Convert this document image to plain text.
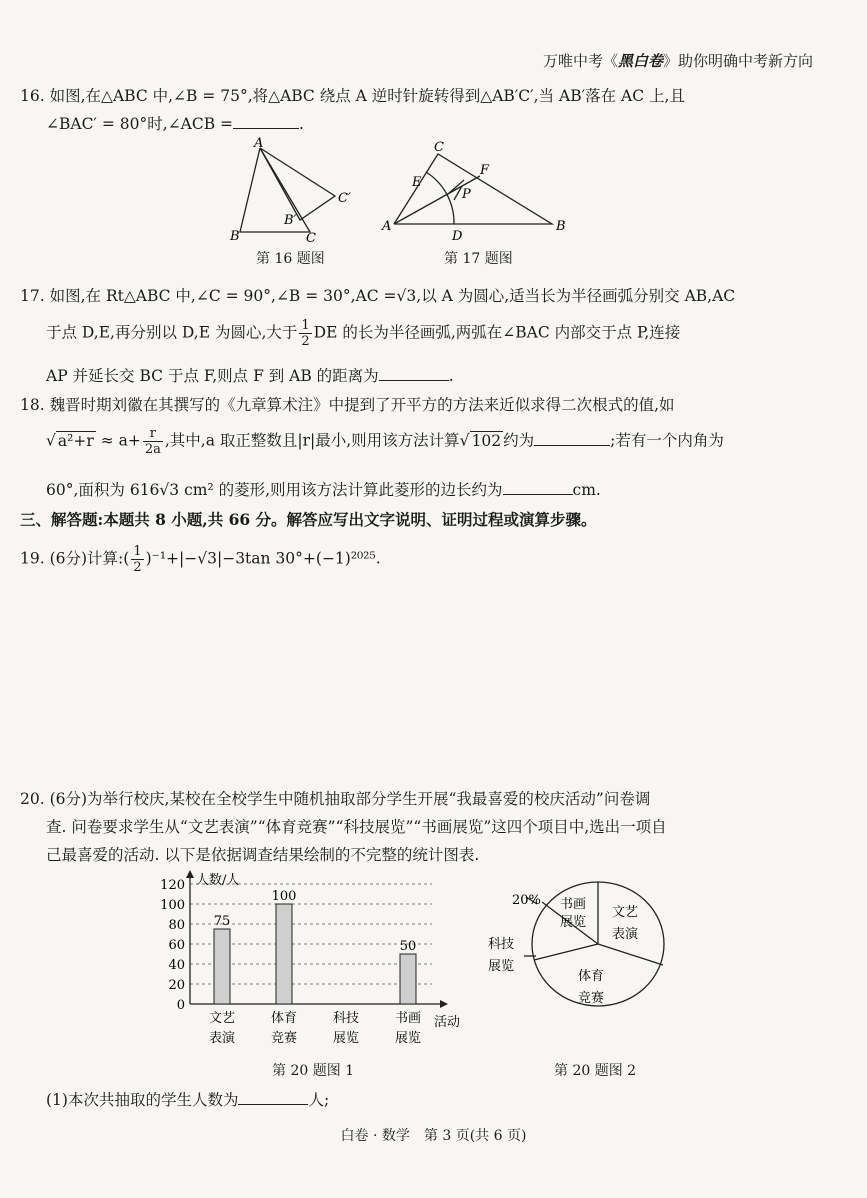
万唯中考《黑白卷》助你明确中考新方向
16. 如图,在△ABC 中,∠B = 75°,将△ABC 绕点 A 逆时针旋转得到△AB′C′,当 AB′落在 AC 上,且
∠BAC′ = 80°时,∠ACB =	.
A
B	C
B′
C′
第 16 题图
C
E
F
P
A
D
B
第 17 题图
17. 如图,在 Rt△ABC 中,∠C = 90°,∠B = 30°,AC =√3,以 A 为圆心,适当长为半径画弧分别交 AB,AC
于点 D,E,再分别以 D,E 为圆心,大于 $\frac{1}{2}$ DE 的长为半径画弧,两弧在∠BAC 内部交于点 P,连接
AP 并延长交 BC 于点 F,则点 F 到 AB 的距离为	.
18. 魏晋时期刘徽在其撰写的《九章算术注》中提到了开平方的方法来近似求得二次根式的值,如
√ $a^2+r \approx a+ \frac{r}{2a}$ ,其中,a 取正整数且|r|最小,则用该方法计算√ 102 约为	;若有一个内角为
60°,面积为 616√3 cm² 的菱形,则用该方法计算此菱形的边长约为	cm.
三、解答题:本题共 8 小题,共 66 分。解答应写出文字说明、证明过程或演算步骤。
19. (6分)计算:( $\frac{1}{2} )^{-1}+|-√3|-3\tan$ 30°+(−1)²⁰²⁵.
20. (6分)为举行校庆,某校在全校学生中随机抽取部分学生开展“我最喜爱的校庆活动”问卷调
查. 问卷要求学生从“文艺表演”“体育竞赛”“科技展览”“书画展览”这四个项目中,选出一项自
己最喜爱的活动. 以下是依据调查结果绘制的不完整的统计图表.
0
20
40
60
80
100
120 人数/人
活动
75
文艺
表演
100
体育
竞赛
科技
展览
50
书画
展览
第 20 题图 1
20% 书画
展览
文艺
表演
科技
展览
体育
竞赛
第 20 题图 2
(1)本次共抽取的学生人数为	人;
白卷 · 数学　第 3 页(共 6 页)
